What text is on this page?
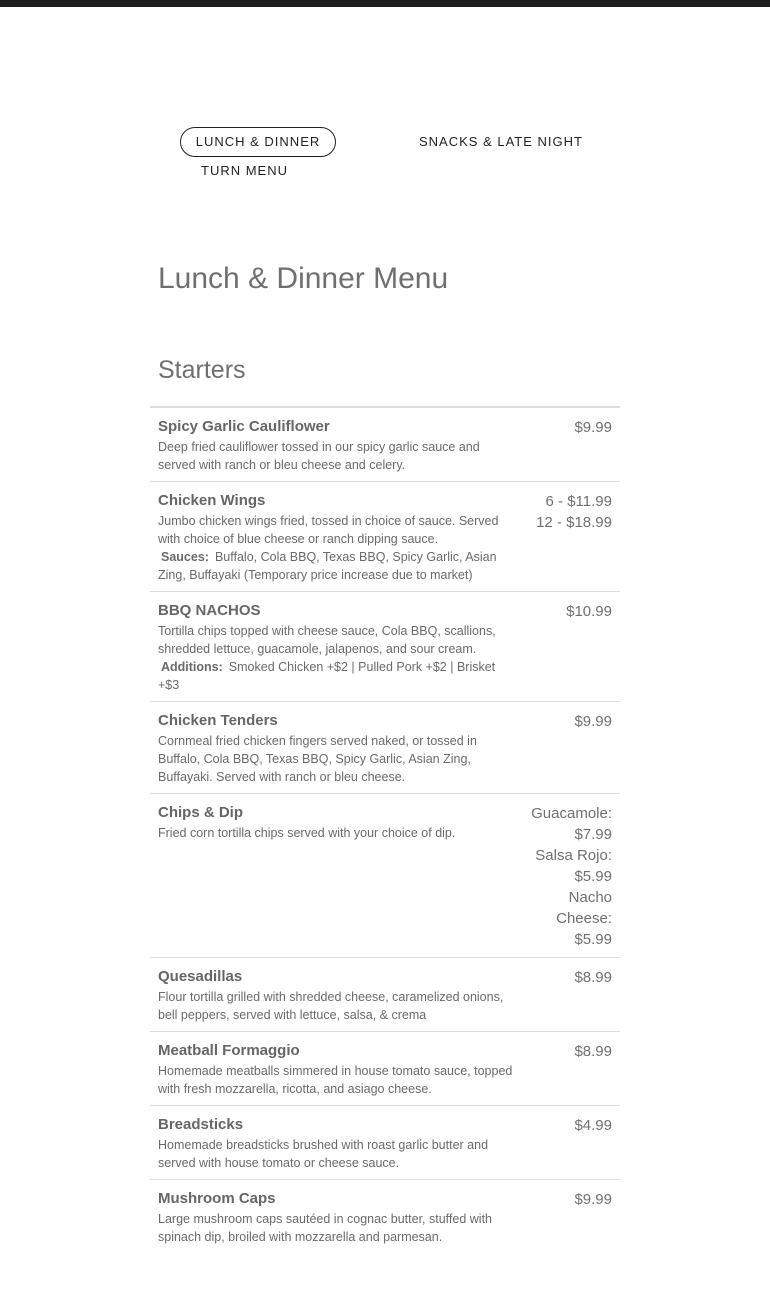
LUNCH & DINNER	SNACKS & LATE NIGHT
TURN MENU
Lunch & Dinner Menu
Starters
Spicy Garlic Cauliflower
Deep fried cauliflower tossed in our spicy garlic sauce and served with ranch or bleu cheese and celery.
$9.99
Chicken Wings
Jumbo chicken wings fried, tossed in choice of sauce. Served with choice of blue cheese or ranch dipping sauce.
Sauces: Buffalo, Cola BBQ, Texas BBQ, Spicy Garlic, Asian Zing, Buffayaki (Temporary price increase due to market)
6 - $11.99
12 - $18.99
BBQ NACHOS
Tortilla chips topped with cheese sauce, Cola BBQ, scallions, shredded lettuce, guacamole, jalapenos, and sour cream.
Additions: Smoked Chicken +$2 | Pulled Pork +$2 | Brisket +$3
$10.99
Chicken Tenders
Cornmeal fried chicken fingers served naked, or tossed in Buffalo, Cola BBQ, Texas BBQ, Spicy Garlic, Asian Zing, Buffayaki. Served with ranch or bleu cheese.
$9.99
Chips & Dip
Fried corn tortilla chips served with your choice of dip.
Guacamole:
$7.99
Salsa Rojo:
$5.99
Nacho
Cheese:
$5.99
Quesadillas
Flour tortilla grilled with shredded cheese, caramelized onions, bell peppers, served with lettuce, salsa, & crema
$8.99
Meatball Formaggio
Homemade meatballs simmered in house tomato sauce, topped with fresh mozzarella, ricotta, and asiago cheese.
$8.99
Breadsticks
Homemade breadsticks brushed with roast garlic butter and served with house tomato or cheese sauce.
$4.99
Mushroom Caps
Large mushroom caps sautéed in cognac butter, stuffed with spinach dip, broiled with mozzarella and parmesan.
$9.99
